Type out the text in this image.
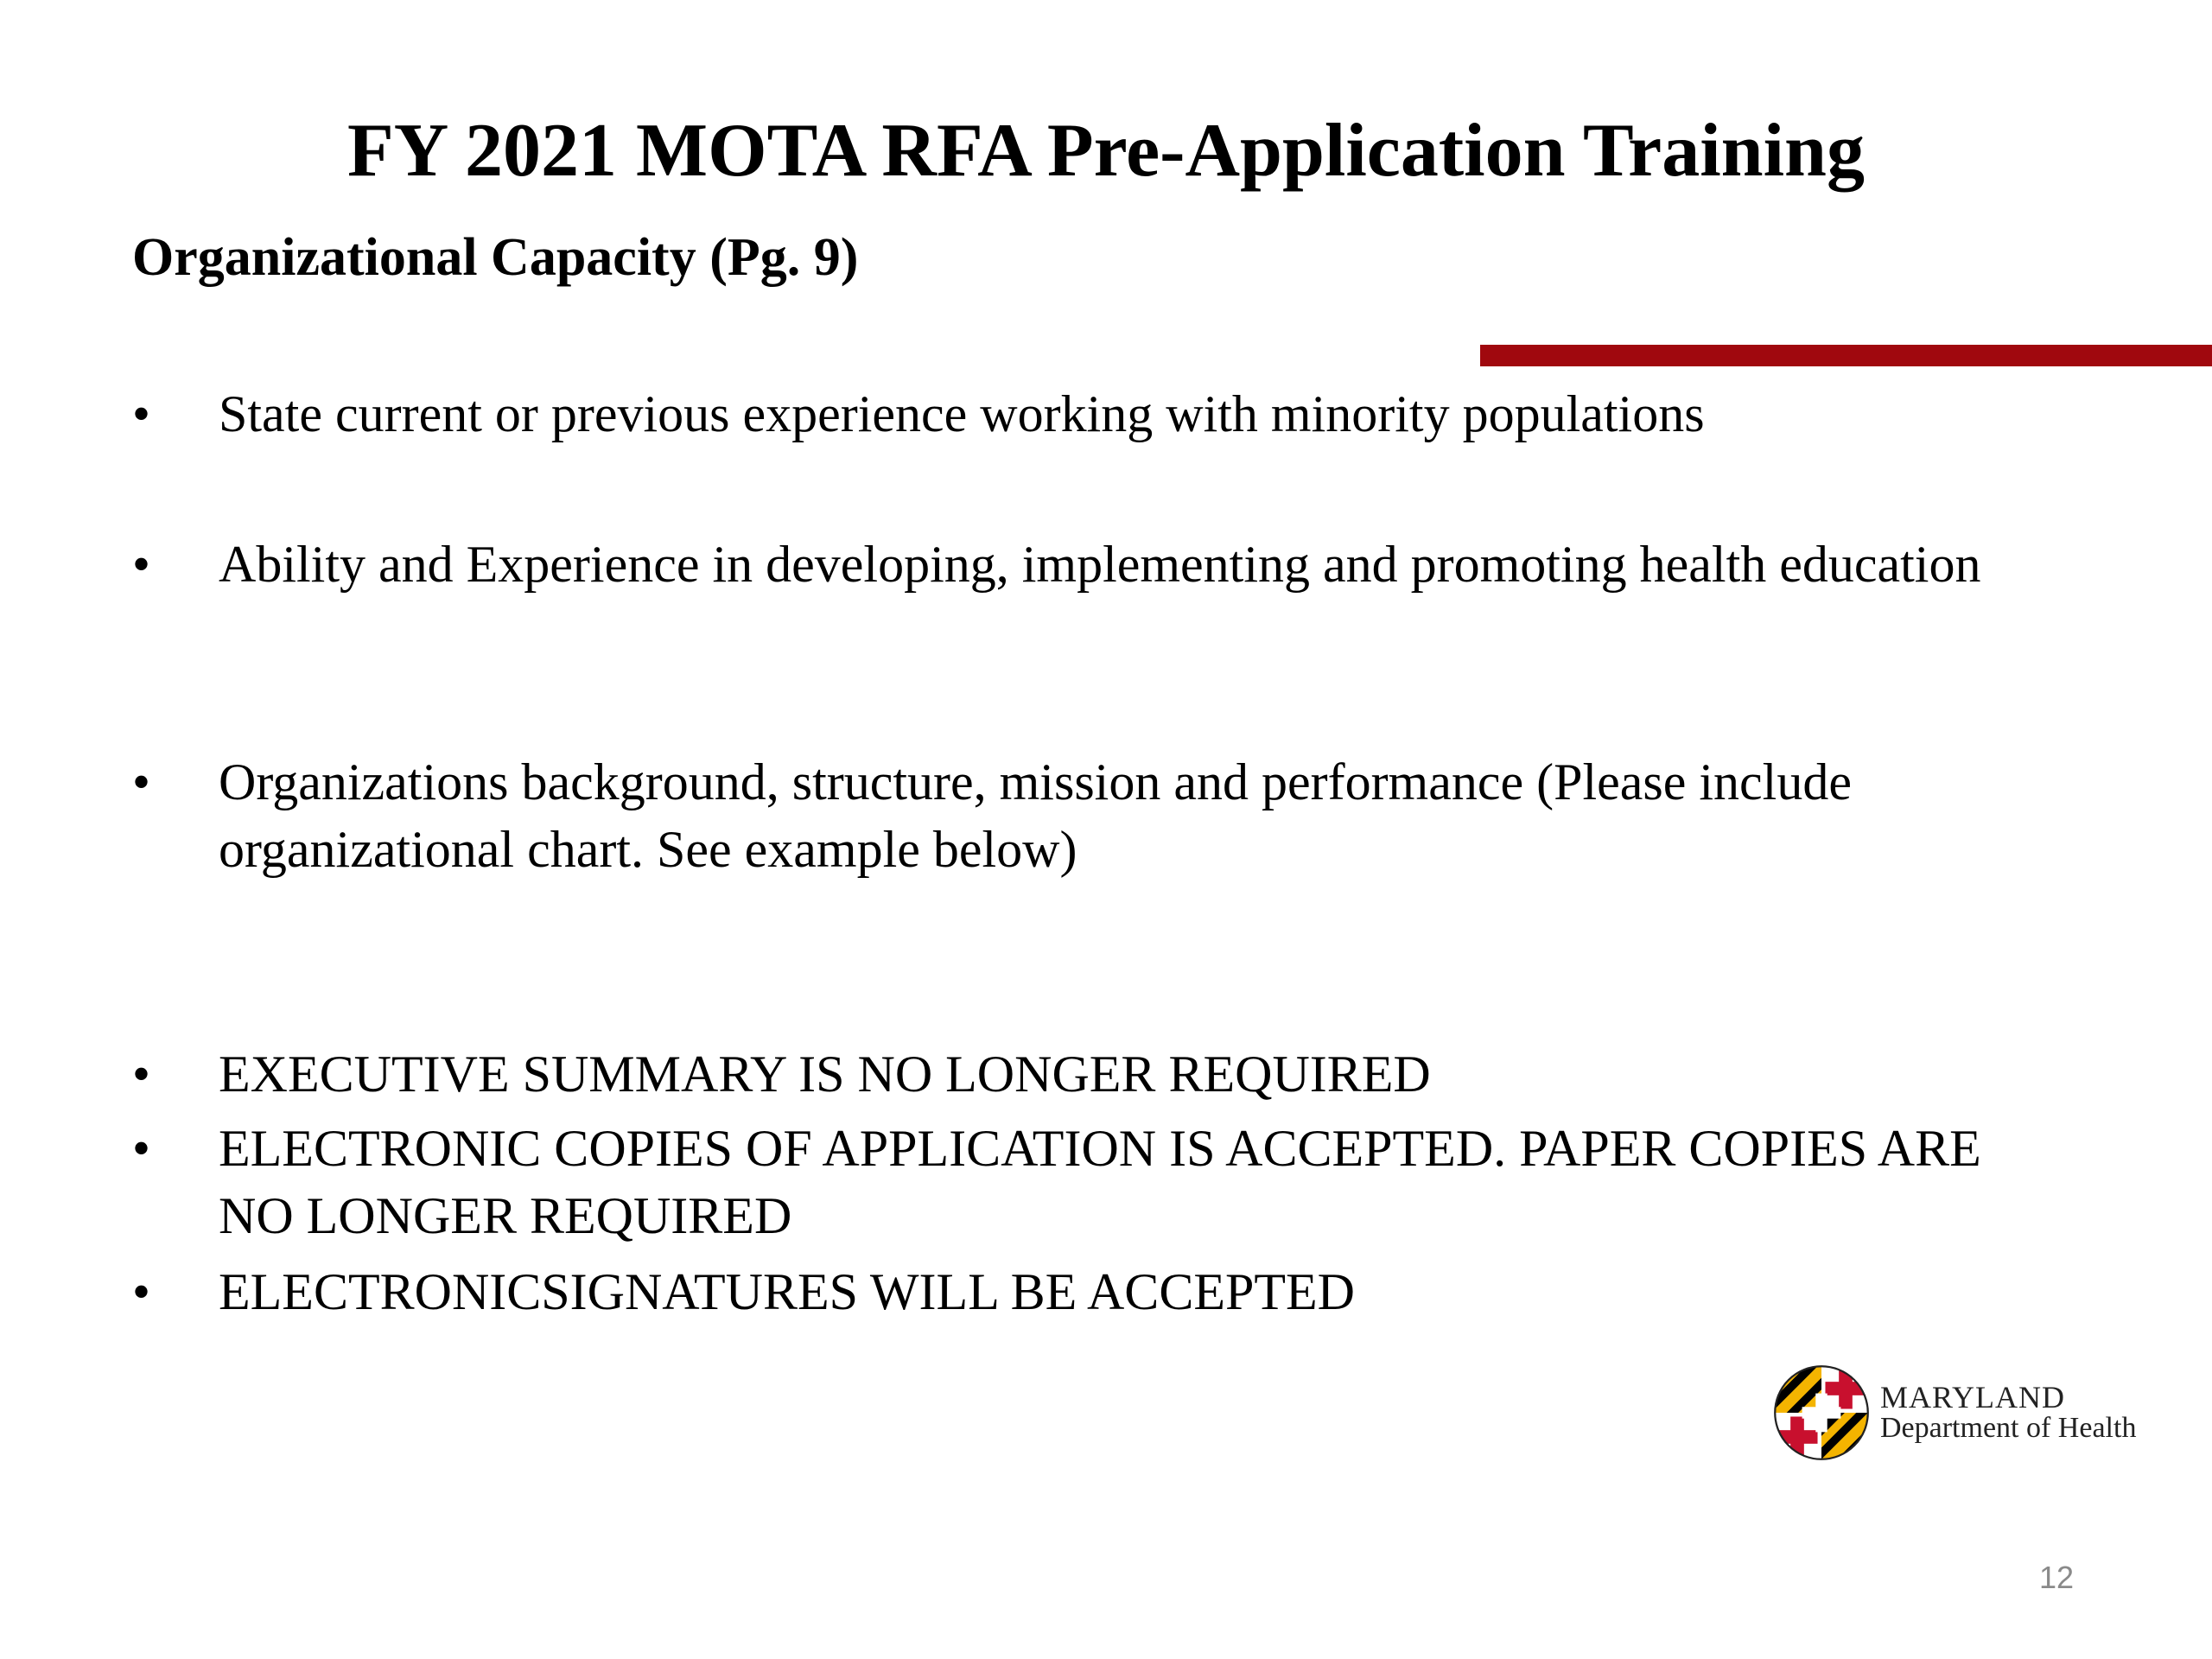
FY 2021 MOTA RFA Pre-Application Training
Organizational Capacity (Pg. 9)
•	State current or previous experience working with minority populations
•	Ability and Experience in developing, implementing and promoting health education
•	Organizations background, structure, mission and performance (Please include organizational chart. See example below)
•	EXECUTIVE SUMMARY IS NO LONGER REQUIRED
•	ELECTRONIC COPIES OF APPLICATION IS ACCEPTED. PAPER COPIES ARE NO LONGER REQUIRED
•	ELECTRONICSIGNATURES WILL BE ACCEPTED
MARYLAND
Department of Health
12
